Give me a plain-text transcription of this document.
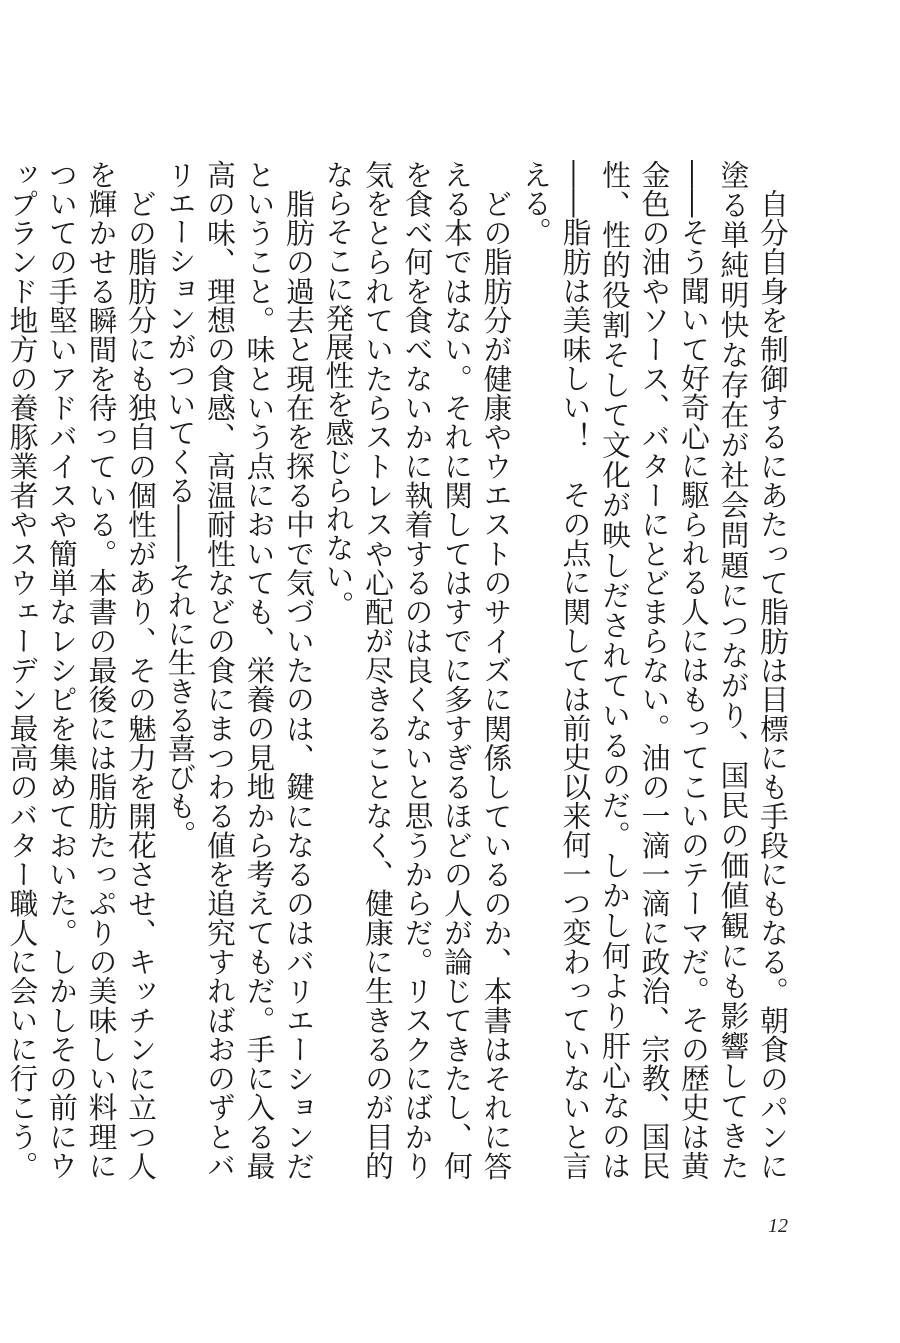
自分自身を制御するにあたって脂肪は目標にも手段にもなる。朝食のパンに塗る単純明快な存在が社会問題につながり、国民の価値観にも影響してきた――そう聞いて好奇心に駆られる人にはもってこいのテーマだ。その歴史は黄金色の油やソース、バターにとどまらない。油の一滴一滴に政治、宗教、国民性、性的役割そして文化が映しだされているのだ。しかし何より肝心なのは――脂肪は美味しい！　その点に関しては前史以来何一つ変わっていないと言える。

どの脂肪分が健康やウエストのサイズに関係しているのか、本書はそれに答える本ではない。それに関してはすでに多すぎるほどの人が論じてきたし、何を食べ何を食べないかに執着するのは良くないと思うからだ。リスクにばかり気をとられていたらストレスや心配が尽きることなく、健康に生きるのが目的ならそこに発展性を感じられない。

脂肪の過去と現在を探る中で気づいたのは、鍵になるのはバリエーションだということ。味という点においても、栄養の見地から考えてもだ。手に入る最高の味、理想の食感、高温耐性などの食にまつわる値を追究すればおのずとバリエーションがついてくる――それに生きる喜びも。

どの脂肪分にも独自の個性があり、その魅力を開花させ、キッチンに立つ人を輝かせる瞬間を待っている。本書の最後には脂肪たっぷりの美味しい料理についての手堅いアドバイスや簡単なレシピを集めておいた。しかしその前にウップランド地方の養豚業者やスウェーデン最高のバター職人に会いに行こう。

12
